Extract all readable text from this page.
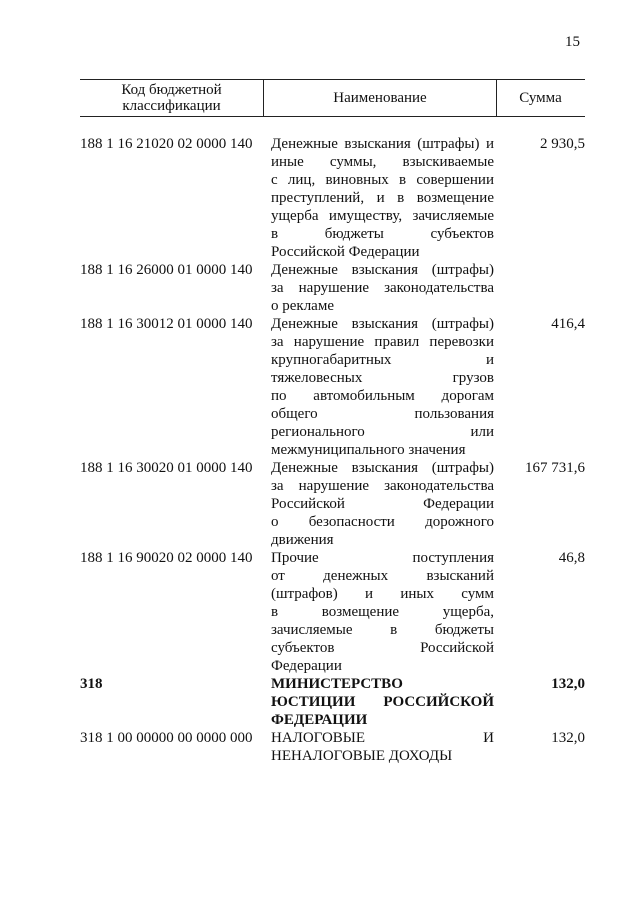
15
Код бюджетной классификации	Наименование	Сумма
188 1 16 21020 02 0000 140	Денежные взыскания (штрафы) и
иные суммы, взыскиваемые
с лиц, виновных в совершении
преступлений, и в возмещение
ущерба имуществу, зачисляемые
в бюджеты субъектов
Российской Федерации
2 930,5
188 1 16 26000 01 0000 140	Денежные взыскания (штрафы)
за нарушение законодательства
о рекламе
188 1 16 30012 01 0000 140	Денежные взыскания (штрафы)
за нарушение правил перевозки
крупногабаритных и
тяжеловесных грузов
по автомобильным дорогам
общего пользования
регионального или
межмуниципального значения
416,4
188 1 16 30020 01 0000 140	Денежные взыскания (штрафы)
за нарушение законодательства
Российской Федерации
о безопасности дорожного
движения
167 731,6
188 1 16 90020 02 0000 140	Прочие поступления
от денежных взысканий
(штрафов) и иных сумм
в возмещение ущерба,
зачисляемые в бюджеты
субъектов Российской
Федерации
46,8
318	МИНИСТЕРСТВО
ЮСТИЦИИ РОССИЙСКОЙ
ФЕДЕРАЦИИ
132,0
318 1 00 00000 00 0000 000	НАЛОГОВЫЕ И
НЕНАЛОГОВЫЕ ДОХОДЫ
132,0
